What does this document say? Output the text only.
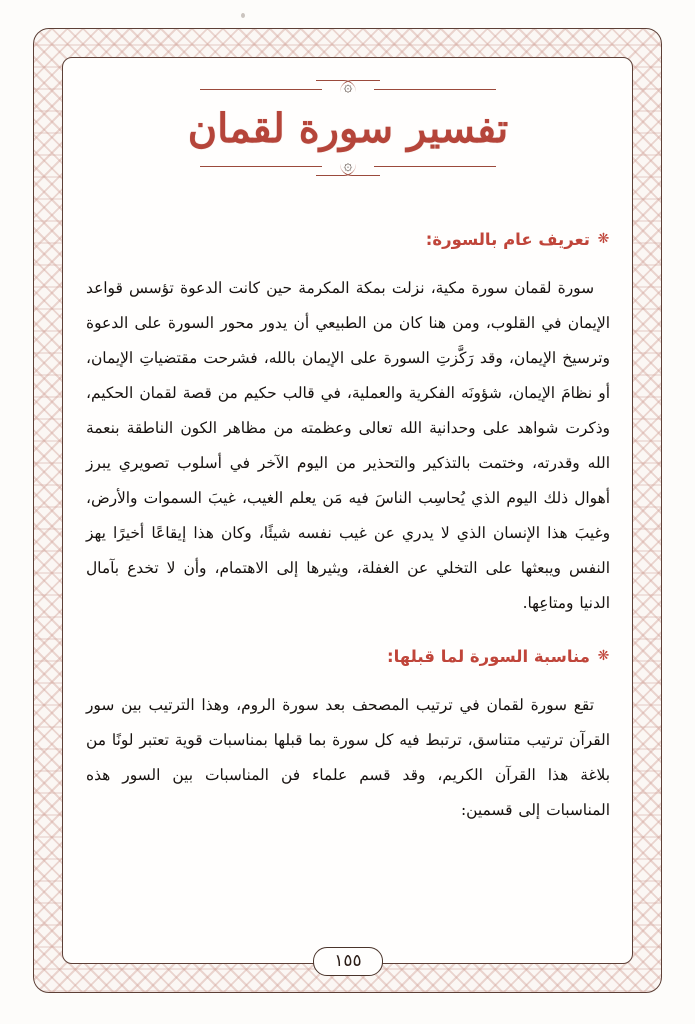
١٥٥
۞
تفسير سورة لقمان
۞
❋
تعريف عام بالسورة:

سورة لقمان سورة مكية، نزلت بمكة المكرمة حين كانت الدعوة تؤسس قواعد الإيمان في القلوب، ومن هنا كان من الطبيعي أن يدور محور السورة على الدعوة وترسيخ الإيمان، وقد رَكَّزتِ السورة على الإيمان بالله، فشرحت مقتضياتِ الإيمان، أو نظامَ الإيمان، شؤونَه الفكرية والعملية، في قالب حكيم من قصة لقمان الحكيم، وذكرت شواهد على وحدانية الله تعالى وعظمته من مظاهر الكون الناطقة بنعمة الله وقدرته، وختمت بالتذكير والتحذير من اليوم الآخر في أسلوب تصويري يبرز أهوال ذلك اليوم الذي يُحاسِب الناسَ فيه مَن يعلم الغيب، غيبَ السموات والأرض، وغيبَ هذا الإنسان الذي لا يدري عن غيب نفسه شيئًا، وكان هذا إيقاعًا أخيرًا يهز النفس ويبعثها على التخلي عن الغفلة، ويثيرها إلى الاهتمام، وأن لا تخدع بآمال الدنيا ومتاعِها.

❋
مناسبة السورة لما قبلها:

تقع سورة لقمان في ترتيب المصحف بعد سورة الروم، وهذا الترتيب بين سور القرآن ترتيب متناسق، ترتبط فيه كل سورة بما قبلها بمناسبات قوية تعتبر لونًا من بلاغة هذا القرآن الكريم، وقد قسم علماء فن المناسبات بين السور هذه المناسبات إلى قسمين:
